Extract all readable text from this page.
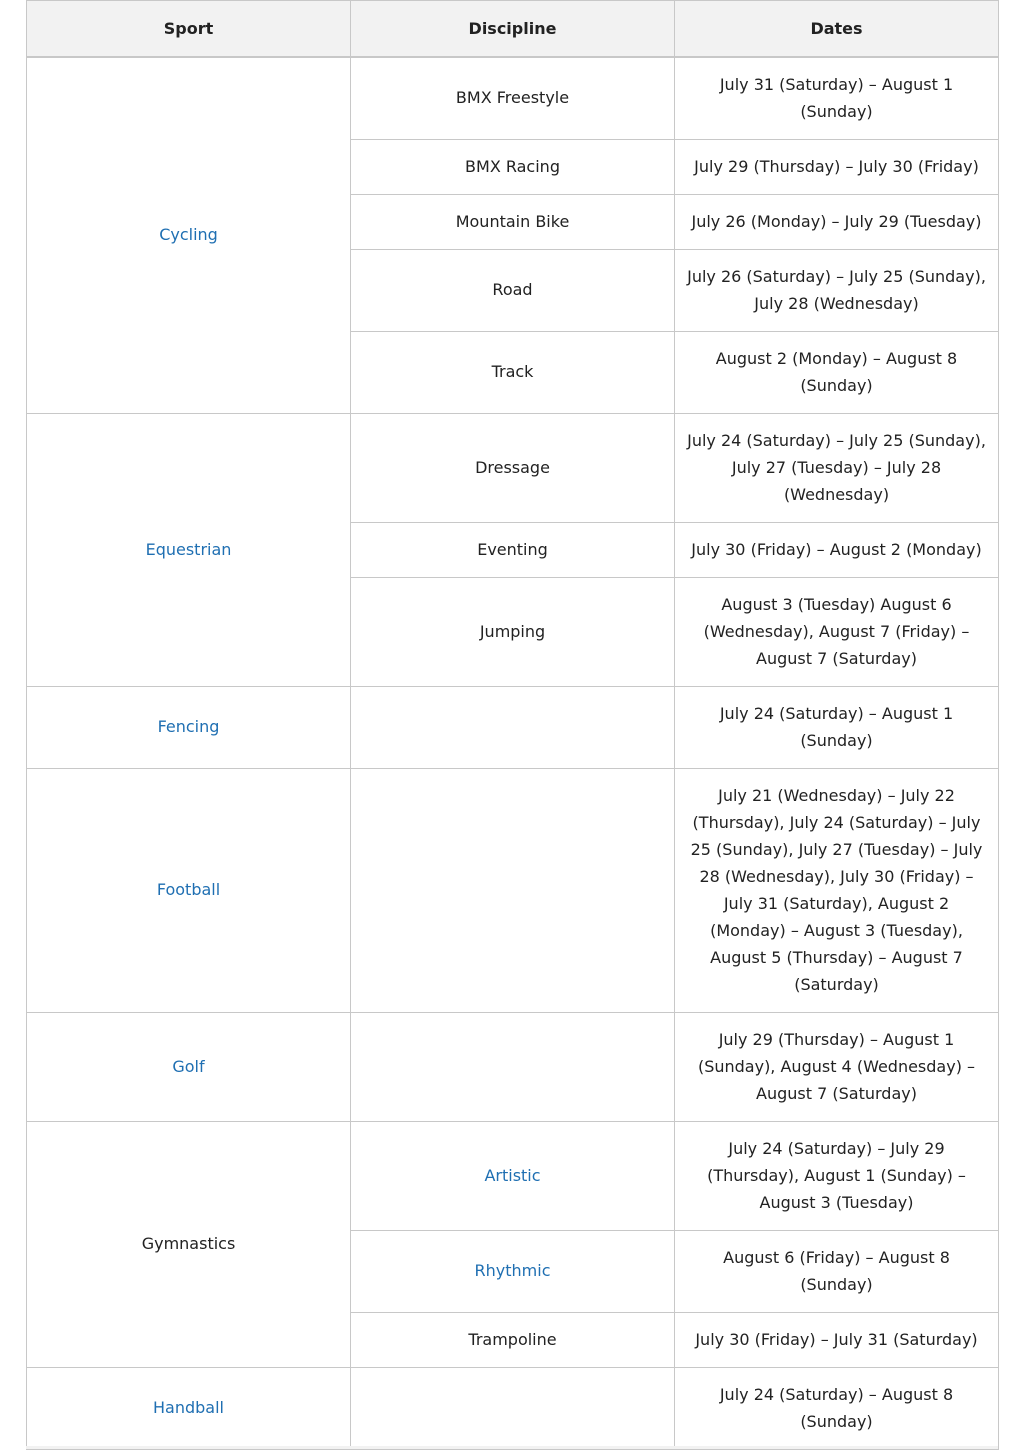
Sport	Discipline	Dates
Cycling	BMX Freestyle	July 31 (Saturday) – August 1 (Sunday)
	BMX Racing	July 29 (Thursday) – July 30 (Friday)
	Mountain Bike	July 26 (Monday) – July 29 (Tuesday)
	Road	July 26 (Saturday) – July 25 (Sunday), July 28 (Wednesday)
	Track	August 2 (Monday) – August 8 (Sunday)
Equestrian	Dressage	July 24 (Saturday) – July 25 (Sunday), July 27 (Tuesday) – July 28 (Wednesday)
	Eventing	July 30 (Friday) – August 2 (Monday)
	Jumping	August 3 (Tuesday) August 6 (Wednesday), August 7 (Friday) – August 7 (Saturday)
Fencing		July 24 (Saturday) – August 1 (Sunday)
Football		July 21 (Wednesday) – July 22 (Thursday), July 24 (Saturday) – July 25 (Sunday), July 27 (Tuesday) – July 28 (Wednesday), July 30 (Friday) – July 31 (Saturday), August 2 (Monday) – August 3 (Tuesday), August 5 (Thursday) – August 7 (Saturday)
Golf		July 29 (Thursday) – August 1 (Sunday), August 4 (Wednesday) – August 7 (Saturday)
Gymnastics	Artistic	July 24 (Saturday) – July 29 (Thursday), August 1 (Sunday) – August 3 (Tuesday)
	Rhythmic	August 6 (Friday) – August 8 (Sunday)
	Trampoline	July 30 (Friday) – July 31 (Saturday)
Handball		July 24 (Saturday) – August 8 (Sunday)
